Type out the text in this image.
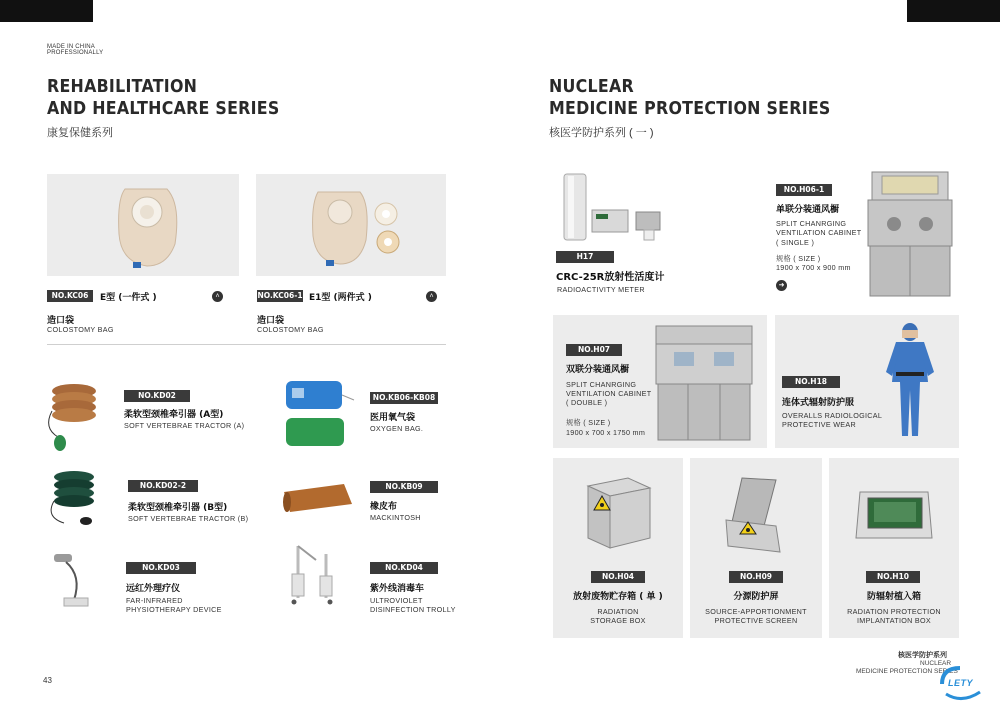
MADE IN CHINA
PROFESSIONALLY
REHABILITATION
AND HEALTHCARE SERIES
康复保健系列
NO.KC06	E型 (一件式 )	˄
造口袋
COLOSTOMY BAG
NO.KC06-1 E1型 (两件式 )	˄
造口袋
COLOSTOMY BAG
NO.KD02
柔软型颈椎牵引器 (A型)
SOFT VERTEBRAE TRACTOR (A)
NO.KB06-KB08
医用氧气袋
OXYGEN BAG.
NO.KD02-2
柔软型颈椎牵引器 (B型)
SOFT VERTEBRAE TRACTOR (B)
NO.KB09
橡皮布
MACKINTOSH
NO.KD03
远红外理疗仪
FAR-INFRARED
PHYSIOTHERAPY DEVICE
NO.KD04
紫外线消毒车
ULTROVIOLET
DISINFECTION TROLLY
43
NUCLEAR
MEDICINE PROTECTION SERIES
核医学防护系列 ( 一 )
H17
CRC-25R放射性活度计
RADIOACTIVITY METER
NO.H06-1
单联分装通风橱
SPLIT CHANRGING
VENTILATION CABINET
( SINGLE )
规格 ( SIZE )
1900 x 700 x 900 mm
➜
NO.H07
双联分装通风橱
SPLIT CHANRGING
VENTILATION CABINET
( DOUBLE )
规格 ( SIZE )
1900 x 700 x 1750 mm
NO.H18
连体式辐射防护服
OVERALLS RADIOLOGICAL
PROTECTIVE WEAR
NO.H04
放射废物贮存箱 ( 单 )
RADIATION
STORAGE BOX
NO.H09
分源防护屏
SOURCE-APPORTIONMENT
PROTECTIVE SCREEN
NO.H10
防辐射植入箱
RADIATION PROTECTION
IMPLANTATION BOX
核医学防护系列
NUCLEAR
MEDICINE PROTECTION SERIES
LETY
